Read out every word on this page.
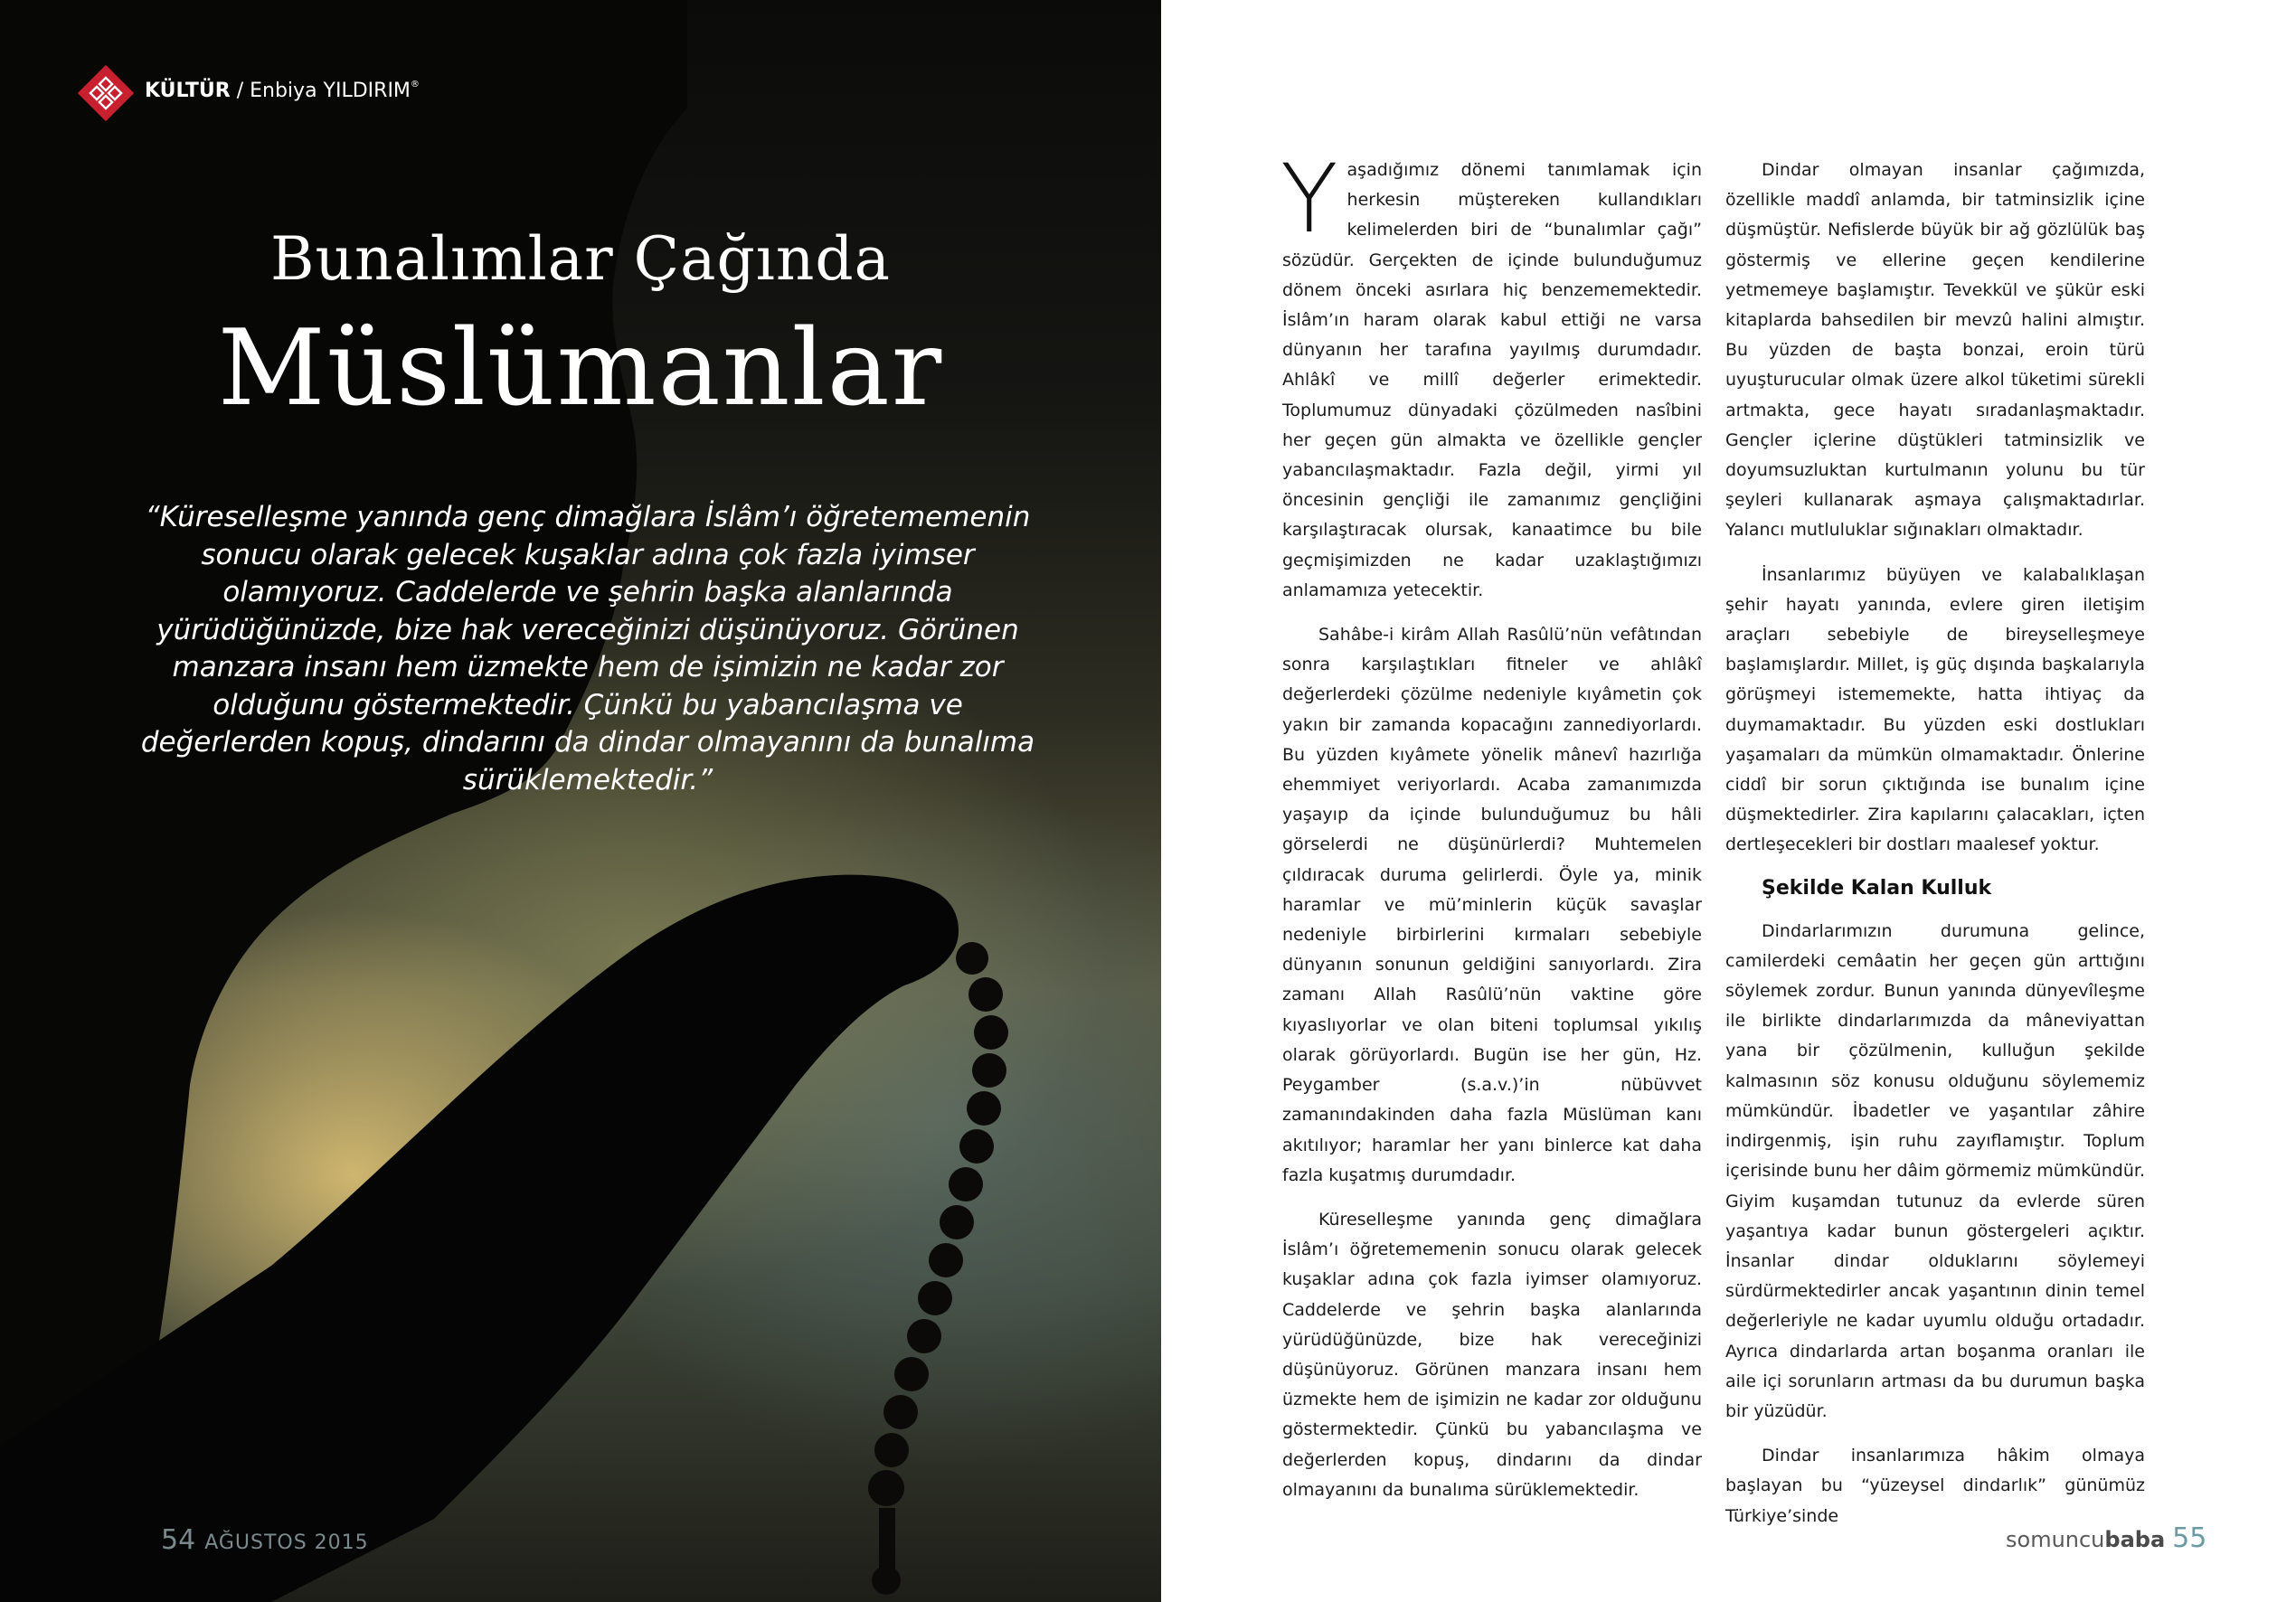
KÜLTÜR / Enbiya YILDIRIM®
Bunalımlar Çağında
Müslümanlar
“Küreselleşme yanında genç dimağlara İslâm’ı öğretememenin sonucu olarak gelecek kuşaklar adına çok fazla iyimser olamıyoruz. Caddelerde ve şehrin başka alanlarında yürüdüğünüzde, bize hak vereceğinizi düşünüyoruz. Görünen manzara insanı hem üzmekte hem de işimizin ne kadar zor olduğunu göstermektedir. Çünkü bu yabancılaşma ve değerlerden kopuş, dindarını da dindar olmayanını da bunalıma sürüklemektedir.”
54 AĞUSTOS 2015

Yaşadığımız dönemi tanımlamak için herkesin müştereken kullandıkları kelimelerden biri de “bunalımlar çağı” sözüdür. Gerçekten de içinde bulunduğumuz dönem önceki asırlara hiç benzememektedir. İslâm’ın haram olarak kabul ettiği ne varsa dünyanın her tarafına yayılmış durumdadır. Ahlâkî ve millî değerler erimektedir. Toplumumuz dünyadaki çözülmeden nasîbini her geçen gün almakta ve özellikle gençler yabancılaşmaktadır. Fazla değil, yirmi yıl öncesinin gençliği ile zamanımız gençliğini karşılaştıracak olursak, kanaatimce bu bile geçmişimizden ne kadar uzaklaştığımızı anlamamıza yetecektir.

Sahâbe-i kirâm Allah Rasûlü’nün vefâtından sonra karşılaştıkları fitneler ve ahlâkî değerlerdeki çözülme nedeniyle kıyâmetin çok yakın bir zamanda kopacağını zannediyorlardı. Bu yüzden kıyâmete yönelik mânevî hazırlığa ehemmiyet veriyorlardı. Acaba zamanımızda yaşayıp da içinde bulunduğumuz bu hâli görselerdi ne düşünürlerdi? Muhtemelen çıldıracak duruma gelirlerdi. Öyle ya, minik haramlar ve mü’minlerin küçük savaşlar nedeniyle birbirlerini kırmaları sebebiyle dünyanın sonunun geldiğini sanıyorlardı. Zira zamanı Allah Rasûlü’nün vaktine göre kıyaslıyorlar ve olan biteni toplumsal yıkılış olarak görüyorlardı. Bugün ise her gün, Hz. Peygamber (s.a.v.)’in nübüvvet zamanındakinden daha fazla Müslüman kanı akıtılıyor; haramlar her yanı binlerce kat daha fazla kuşatmış durumdadır.

Küreselleşme yanında genç dimağlara İslâm’ı öğretememenin sonucu olarak gelecek kuşaklar adına çok fazla iyimser olamıyoruz. Caddelerde ve şehrin başka alanlarında yürüdüğünüzde, bize hak vereceğinizi düşünüyoruz. Görünen manzara insanı hem üzmekte hem de işimizin ne kadar zor olduğunu göstermektedir. Çünkü bu yabancılaşma ve değerlerden kopuş, dindarını da dindar olmayanını da bunalıma sürüklemektedir.

Dindar olmayan insanlar çağımızda, özellikle maddî anlamda, bir tatminsizlik içine düşmüştür. Nefislerde büyük bir ağ gözlülük baş göstermiş ve ellerine geçen kendilerine yetmemeye başlamıştır. Tevekkül ve şükür eski kitaplarda bahsedilen bir mevzû halini almıştır. Bu yüzden de başta bonzai, eroin türü uyuşturucular olmak üzere alkol tüketimi sürekli artmakta, gece hayatı sıradanlaşmaktadır. Gençler içlerine düştükleri tatminsizlik ve doyumsuzluktan kurtulmanın yolunu bu tür şeyleri kullanarak aşmaya çalışmaktadırlar. Yalancı mutluluklar sığınakları olmaktadır.

İnsanlarımız büyüyen ve kalabalıklaşan şehir hayatı yanında, evlere giren iletişim araçları sebebiyle de bireyselleşmeye başlamışlardır. Millet, iş güç dışında başkalarıyla görüşmeyi istememekte, hatta ihtiyaç da duymamaktadır. Bu yüzden eski dostlukları yaşamaları da mümkün olmamaktadır. Önlerine ciddî bir sorun çıktığında ise bunalım içine düşmektedirler. Zira kapılarını çalacakları, içten dertleşecekleri bir dostları maalesef yoktur.

Şekilde Kalan Kulluk

Dindarlarımızın durumuna gelince, camilerdeki cemâatin her geçen gün arttığını söylemek zordur. Bunun yanında dünyevîleşme ile birlikte dindarlarımızda da mâneviyattan yana bir çözülmenin, kulluğun şekilde kalmasının söz konusu olduğunu söylememiz mümkündür. İbadetler ve yaşantılar zâhire indirgenmiş, işin ruhu zayıflamıştır. Toplum içerisinde bunu her dâim görmemiz mümkündür. Giyim kuşamdan tutunuz da evlerde süren yaşantıya kadar bunun göstergeleri açıktır. İnsanlar dindar olduklarını söylemeyi sürdürmektedirler ancak yaşantının dinin temel değerleriyle ne kadar uyumlu olduğu ortadadır. Ayrıca dindarlarda artan boşanma oranları ile aile içi sorunların artması da bu durumun başka bir yüzüdür.

Dindar insanlarımıza hâkim olmaya başlayan bu “yüzeysel dindarlık” günümüz Türkiye’sinde

somuncubaba 55
